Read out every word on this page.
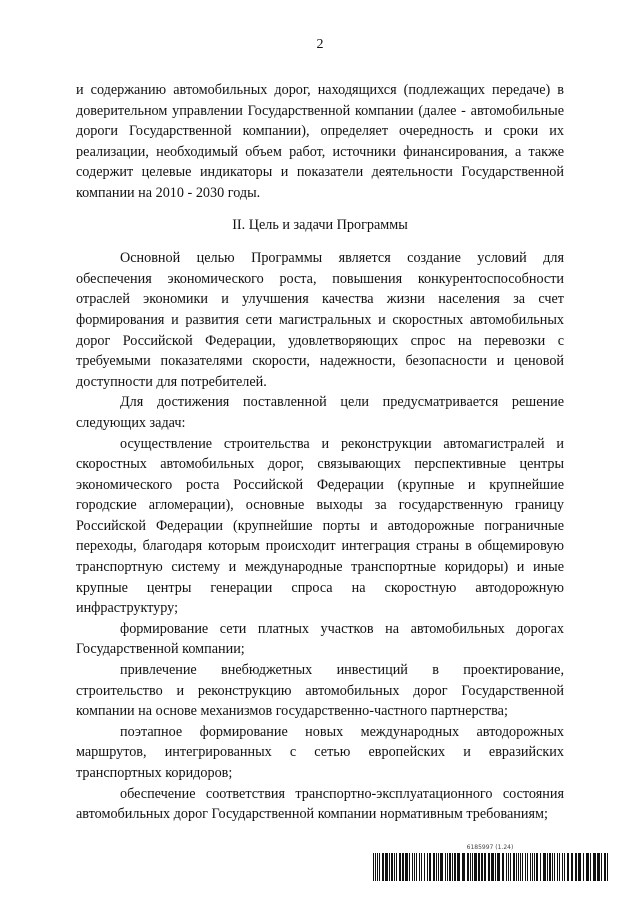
2

и содержанию автомобильных дорог, находящихся (подлежащих передаче) в доверительном управлении Государственной компании (далее - автомобильные дороги Государственной компании), определяет очередность и сроки их реализации, необходимый объем работ, источники финансирования, а также содержит целевые индикаторы и показатели деятельности Государственной компании на 2010 - 2030 годы.

II. Цель и задачи Программы

Основной целью Программы является создание условий для обеспечения экономического роста, повышения конкурентоспособности отраслей экономики и улучшения качества жизни населения за счет формирования и развития сети магистральных и скоростных автомобильных дорог Российской Федерации, удовлетворяющих спрос на перевозки с требуемыми показателями скорости, надежности, безопасности и ценовой доступности для потребителей.

Для достижения поставленной цели предусматривается решение следующих задач:

осуществление строительства и реконструкции автомагистралей и скоростных автомобильных дорог, связывающих перспективные центры экономического роста Российской Федерации (крупные и крупнейшие городские агломерации), основные выходы за государственную границу Российской Федерации (крупнейшие порты и автодорожные пограничные переходы, благодаря которым происходит интеграция страны в общемировую транспортную систему и международные транспортные коридоры) и иные крупные центры генерации спроса на скоростную автодорожную инфраструктуру;

формирование сети платных участков на автомобильных дорогах Государственной компании;

привлечение внебюджетных инвестиций в проектирование, строительство и реконструкцию автомобильных дорог Государственной компании на основе механизмов государственно-частного партнерства;

поэтапное формирование новых международных автодорожных маршрутов, интегрированных с сетью европейских и евразийских транспортных коридоров;

обеспечение соответствия транспортно-эксплуатационного состояния автомобильных дорог Государственной компании нормативным требованиям;

6185997 (1.24)
